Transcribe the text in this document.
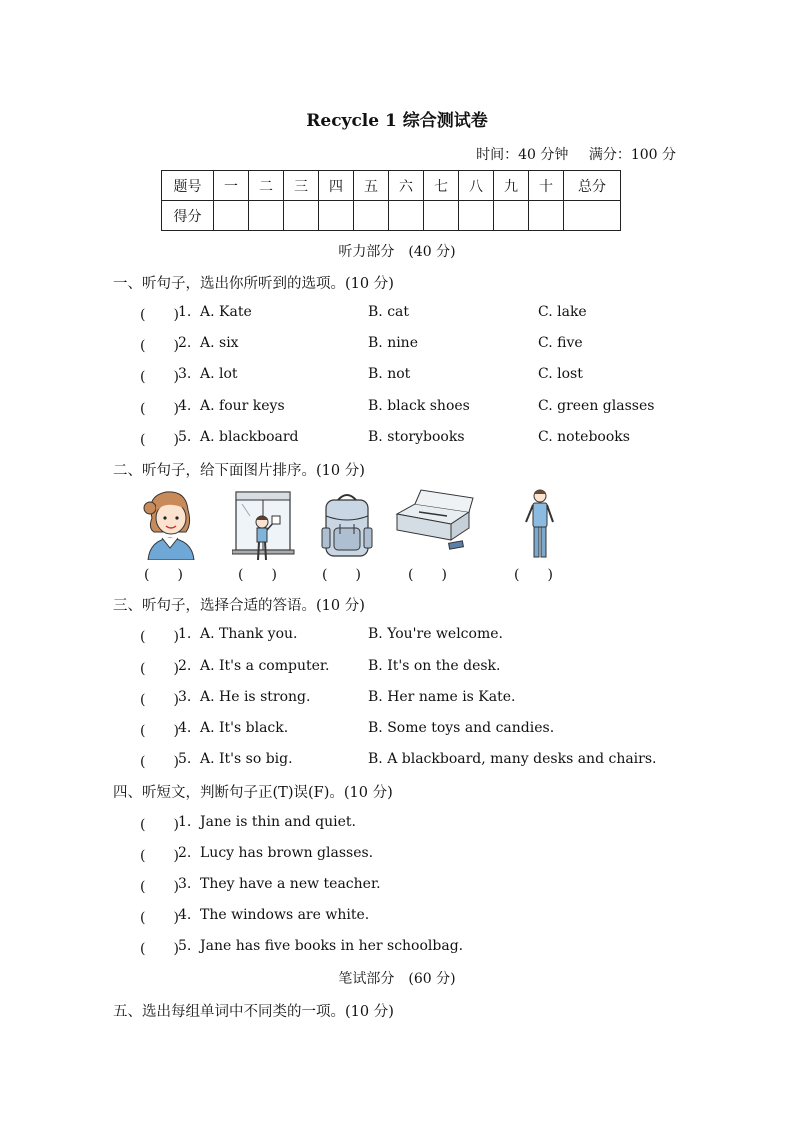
Recycle 1 综合测试卷
时间：40 分钟 满分：100 分
题号	一	二	三	四	五	六	七	八	九	十	总分
得分											
听力部分　(40 分)
一、听句子，选出你所听到的选项。(10 分)
(　　) 1. A. Kate	B. cat	C. lake
(　　) 2. A. six	B. nine	C. five
(　　) 3. A. lot	B. not	C. lost
(　　) 4. A. four keys	B. black shoes	C. green glasses
(　　) 5. A. blackboard	B. storybooks	C. notebooks
二、听句子，给下面图片排序。(10 分)
(　　)	(　　)	(　　)	(　　)	(　　)
三、听句子，选择合适的答语。(10 分)
(　　) 1. A. Thank you.	B. You're welcome.
(　　) 2. A. It's a computer.	B. It's on the desk.
(　　) 3. A. He is strong.	B. Her name is Kate.
(　　) 4. A. It's black.	B. Some toys and candies.
(　　) 5. A. It's so big.	B. A blackboard, many desks and chairs.
四、听短文，判断句子正(T)误(F)。(10 分)
(　　) 1. Jane is thin and quiet.
(　　) 2. Lucy has brown glasses.
(　　) 3. They have a new teacher.
(　　) 4. The windows are white.
(　　) 5. Jane has five books in her schoolbag.
笔试部分　(60 分)
五、选出每组单词中不同类的一项。(10 分)
